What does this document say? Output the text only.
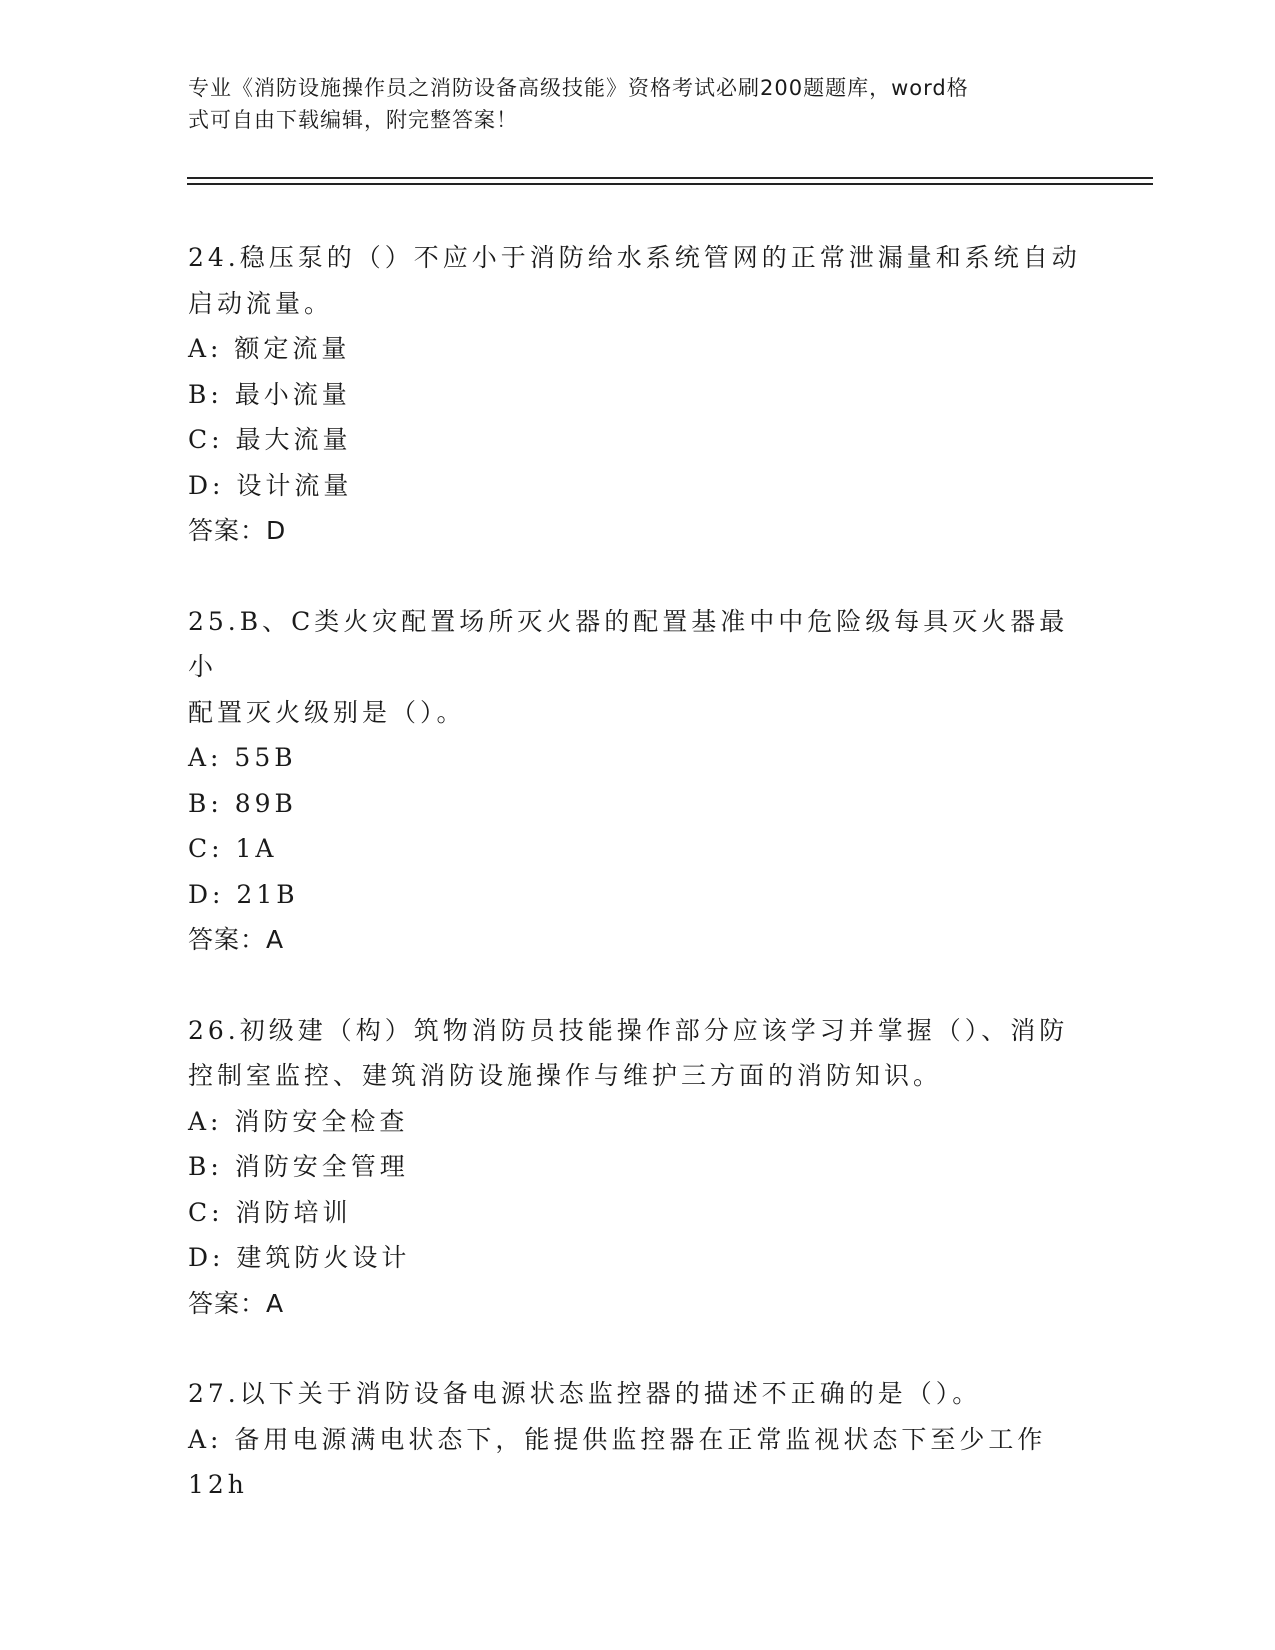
专业《消防设施操作员之消防设备高级技能》资格考试必刷200题题库，word格
式可自由下载编辑，附完整答案！
24.稳压泵的（）不应小于消防给水系统管网的正常泄漏量和系统自动
启动流量。
A: 额定流量
B: 最小流量
C: 最大流量
D: 设计流量
答案：D
25.B、C类火灾配置场所灭火器的配置基准中中危险级每具灭火器最小
配置灭火级别是（）。
A: 55B
B: 89B
C: 1A
D: 21B
答案：A
26.初级建（构）筑物消防员技能操作部分应该学习并掌握（）、消防
控制室监控、建筑消防设施操作与维护三方面的消防知识。
A: 消防安全检查
B: 消防安全管理
C: 消防培训
D: 建筑防火设计
答案：A
27.以下关于消防设备电源状态监控器的描述不正确的是（）。
A: 备用电源满电状态下，能提供监控器在正常监视状态下至少工作
12h
